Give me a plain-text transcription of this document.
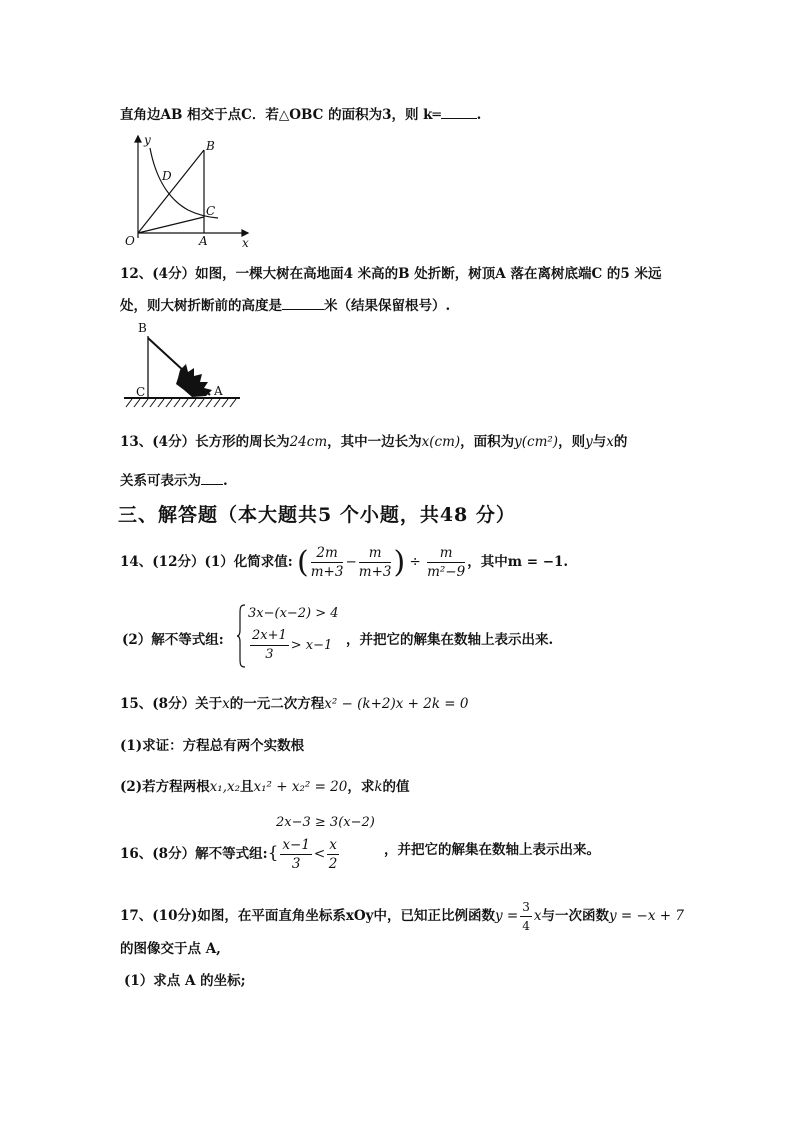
直角边AB 相交于点C．若△OBC 的面积为3，则 k═	.
y	B
D
C
O	A	x
12、(4分）如图，一棵大树在高地面4 米高的B 处折断，树顶A 落在离树底端C 的5 米远
处，则大树折断前的高度是	米（结果保留根号）.
B
C	A
13、(4分）长方形的周长为24cm，其中一边长为x(cm)，面积为y(cm²)，则y与x的
关系可表示为 .
三、解答题（本大题共5 个小题，共48 分）
14、(12分）(1）化简求值: ( $\frac{2m}{m+3} - \frac{m}{m+3}$ ) ÷ $\frac{m}{\text{m²−9}}$ ，其中m = −1.
(2）解不等式组:
3x−(x−2) > 4
$\frac{2x+1}{3} > x-1$ ，并把它的解集在数轴上表示出来.
15、(8分）关于x的一元二次方程x² − (k+2)x + 2k = 0
(1)求证：方程总有两个实数根
(2)若方程两根x₁,x₂且x₁² + x₂² = 20，求k的值
2x−3 ≥ 3(x−2)
16、(8分）解不等式组:{ $\frac{x-1}{3} < \frac{x}{2}$	，并把它的解集在数轴上表示出来。
17、(10分)如图，在平面直角坐标系xOy中，已知正比例函数$y = \frac{3}{4}$ x与一次函数y = −x + 7
的图像交于点 A,
(1）求点 A 的坐标;
